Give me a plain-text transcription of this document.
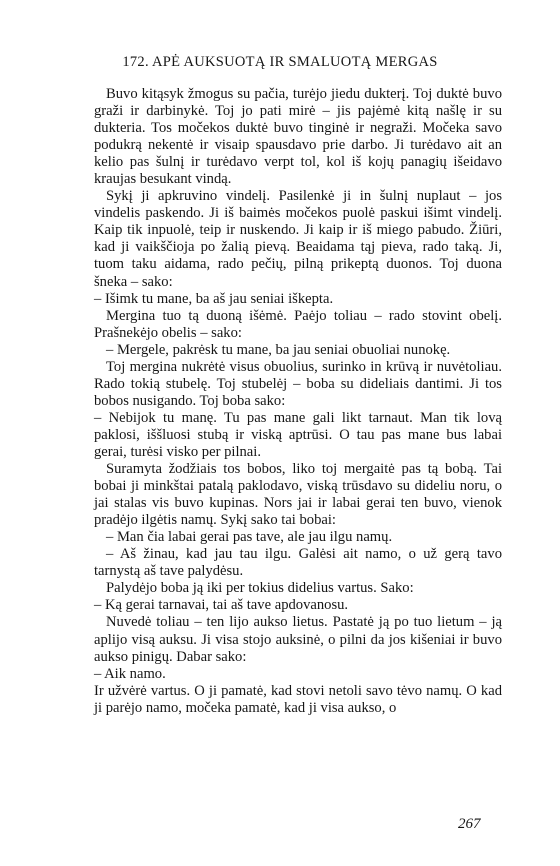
172. APĖ AUKSUOTĄ IR SMALUOTĄ MERGAS

Buvo kitąsyk žmogus su pačia, turėjo jiedu dukterį. Toj duktė buvo graži ir darbinykė. Toj jo pati mirė – jis pajėmė kitą našlę ir su dukteria. Tos močekos duktė buvo tinginė ir negraži. Močeka savo podukrą nekentė ir visaip spausdavo prie darbo. Ji turėdavo ait an kelio pas šulnį ir turėdavo verpt tol, kol iš kojų panagių išeidavo kraujas besukant vindą.

Sykį ji apkruvino vindelį. Pasilenkė ji in šulnį nuplaut – jos vindelis paskendo. Ji iš baimės močekos puolė paskui išimt vindelį. Kaip tik inpuolė, teip ir nuskendo. Ji kaip ir iš miego pabudo. Žiūri, kad ji vaikščioja po žalią pievą. Beaidama tąj pieva, rado taką. Ji, tuom taku aidama, rado pečių, pilną prikeptą duonos. Toj duona šneka – sako:

– Išimk tu mane, ba aš jau seniai iškepta.

Mergina tuo tą duoną išėmė. Paėjo toliau – rado stovint obelį. Prašnekėjo obelis – sako:

– Mergele, pakrėsk tu mane, ba jau seniai obuoliai nunokę.

Toj mergina nukrėtė visus obuolius, surinko in krūvą ir nuvėtoliau. Rado tokią stubelę. Toj stubelėj – boba su dideliais dantimi. Ji tos bobos nusigando. Toj boba sako:

– Nebijok tu manę. Tu pas mane gali likt tarnaut. Man tik lovą paklosi, iššluosi stubą ir viską aptrūsi. O tau pas mane bus labai gerai, turėsi visko per pilnai.

Suramyta žodžiais tos bobos, liko toj mergaitė pas tą bobą. Tai bobai ji minkštai patalą paklodavo, viską trūsdavo su dideliu noru, o jai stalas vis buvo kupinas. Nors jai ir labai gerai ten buvo, vienok pradėjo ilgėtis namų. Sykį sako tai bobai:

– Man čia labai gerai pas tave, ale jau ilgu namų.

– Aš žinau, kad jau tau ilgu. Galėsi ait namo, o už gerą tavo tarnystą aš tave palydėsu.

Palydėjo boba ją iki per tokius didelius vartus. Sako:

– Ką gerai tarnavai, tai aš tave apdovanosu.

Nuvedė toliau – ten lijo aukso lietus. Pastatė ją po tuo lietum – ją aplijo visą auksu. Ji visa stojo auksinė, o pilni da jos kišeniai ir buvo aukso pinigų. Dabar sako:

– Aik namo.

Ir užvėrė vartus. O ji pamatė, kad stovi netoli savo tėvo namų. O kad ji parėjo namo, močeka pamatė, kad ji visa aukso, o

267
